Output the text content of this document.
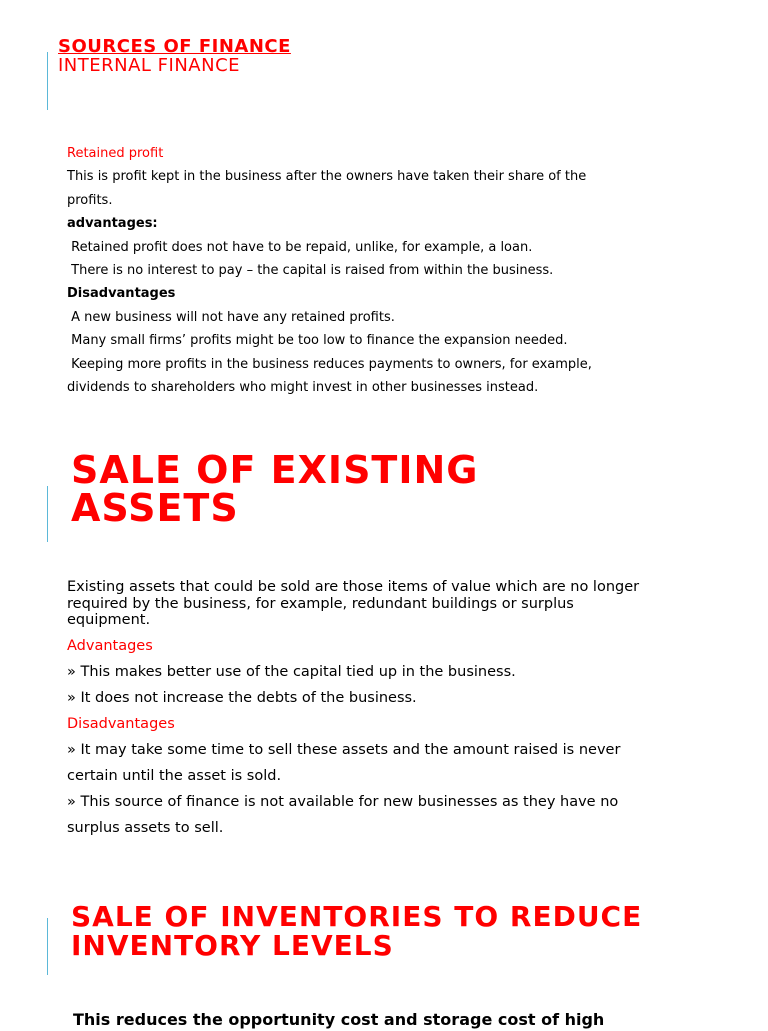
SOURCES OF FINANCE
INTERNAL FINANCE
Retained profit
This is profit kept in the business after the owners have taken their share of the
profits.
advantages:
Retained profit does not have to be repaid, unlike, for example, a loan.
There is no interest to pay – the capital is raised from within the business.
Disadvantages
A new business will not have any retained profits.
Many small firms’ profits might be too low to finance the expansion needed.
Keeping more profits in the business reduces payments to owners, for example,
dividends to shareholders who might invest in other businesses instead.
SALE OF EXISTING
ASSETS
Existing assets that could be sold are those items of value which are no longer
required by the business, for example, redundant buildings or surplus
equipment.
Advantages
» This makes better use of the capital tied up in the business.
» It does not increase the debts of the business.
Disadvantages
» It may take some time to sell these assets and the amount raised is never
certain until the asset is sold.
» This source of finance is not available for new businesses as they have no
surplus assets to sell.
SALE OF INVENTORIES TO REDUCE
INVENTORY LEVELS
This reduces the opportunity cost and storage cost of high
